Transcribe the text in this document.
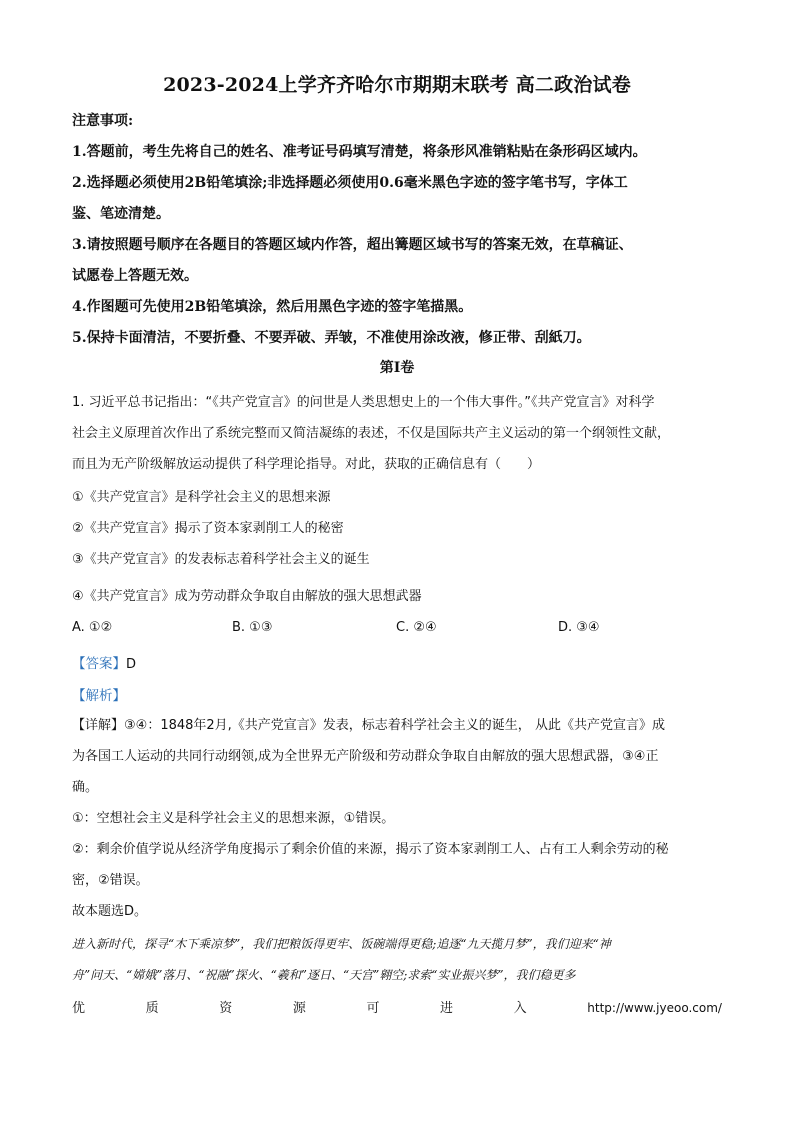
2023-2024上学齐齐哈尔市期期末联考 高二政治试卷
注意事项:
1.答题前，考生先将自己的姓名、准考证号码填写清楚，将条形风准销粘贴在条形码区域内。
2.选择题必须使用2B铅笔填涂;非选择题必须使用0.6毫米黑色字迹的签字笔书写，字体工
鉴、笔迹清楚。
3.请按照题号顺序在各题目的答题区域内作答，超出篝题区域书写的答案无效，在草稿证、
试愿卷上答题无效。
4.作图题可先使用2B铅笔填涂，然后用黑色字迹的签字笔描黑。
5.保持卡面清洁，不要折叠、不要弄破、弄皱，不准使用涂改液，修正带、刮紙刀。
第Ⅰ卷
1. 习近平总书记指出：“《共产党宣言》的问世是人类思想史上的一个伟大事件。”《共产党宣言》对科学
社会主义原理首次作出了系统完整而又简洁凝练的表述，不仅是国际共产主义运动的第一个纲领性文献，
而且为无产阶级解放运动提供了科学理论指导。对此，获取的正确信息有（　　）
①《共产党宣言》是科学社会主义的思想来源
②《共产党宣言》揭示了资本家剥削工人的秘密
③《共产党宣言》的发表标志着科学社会主义的诞生
④《共产党宣言》成为劳动群众争取自由解放的强大思想武器
A. ①②	B. ①③	C. ②④	D. ③④
【答案】D
【解析】
【详解】③④：1848年2月,《共产党宣言》发表，标志着科学社会主义的诞生， 从此《共产党宣言》成
为各国工人运动的共同行动纲领,成为全世界无产阶级和劳动群众争取自由解放的强大思想武器，③④正
确。
①：空想社会主义是科学社会主义的思想来源，①错误。
②：剩余价值学说从经济学角度揭示了剩余价值的来源，揭示了资本家剥削工人、占有工人剩余劳动的秘
密，②错误。
故本题选D。
进入新时代，探寻“木下乘凉梦”，我们把粮饭得更牢、饭碗端得更稳;追逐“九天揽月梦”，我们迎来“神
舟”问天、“嫦娥”落月、“祝融”探火、“羲和”逐日、“天宫”翱空;求索“实业振兴梦”，我们稳更多
优	质	资	源	可	进	入	http://www.jyeoo.com/
